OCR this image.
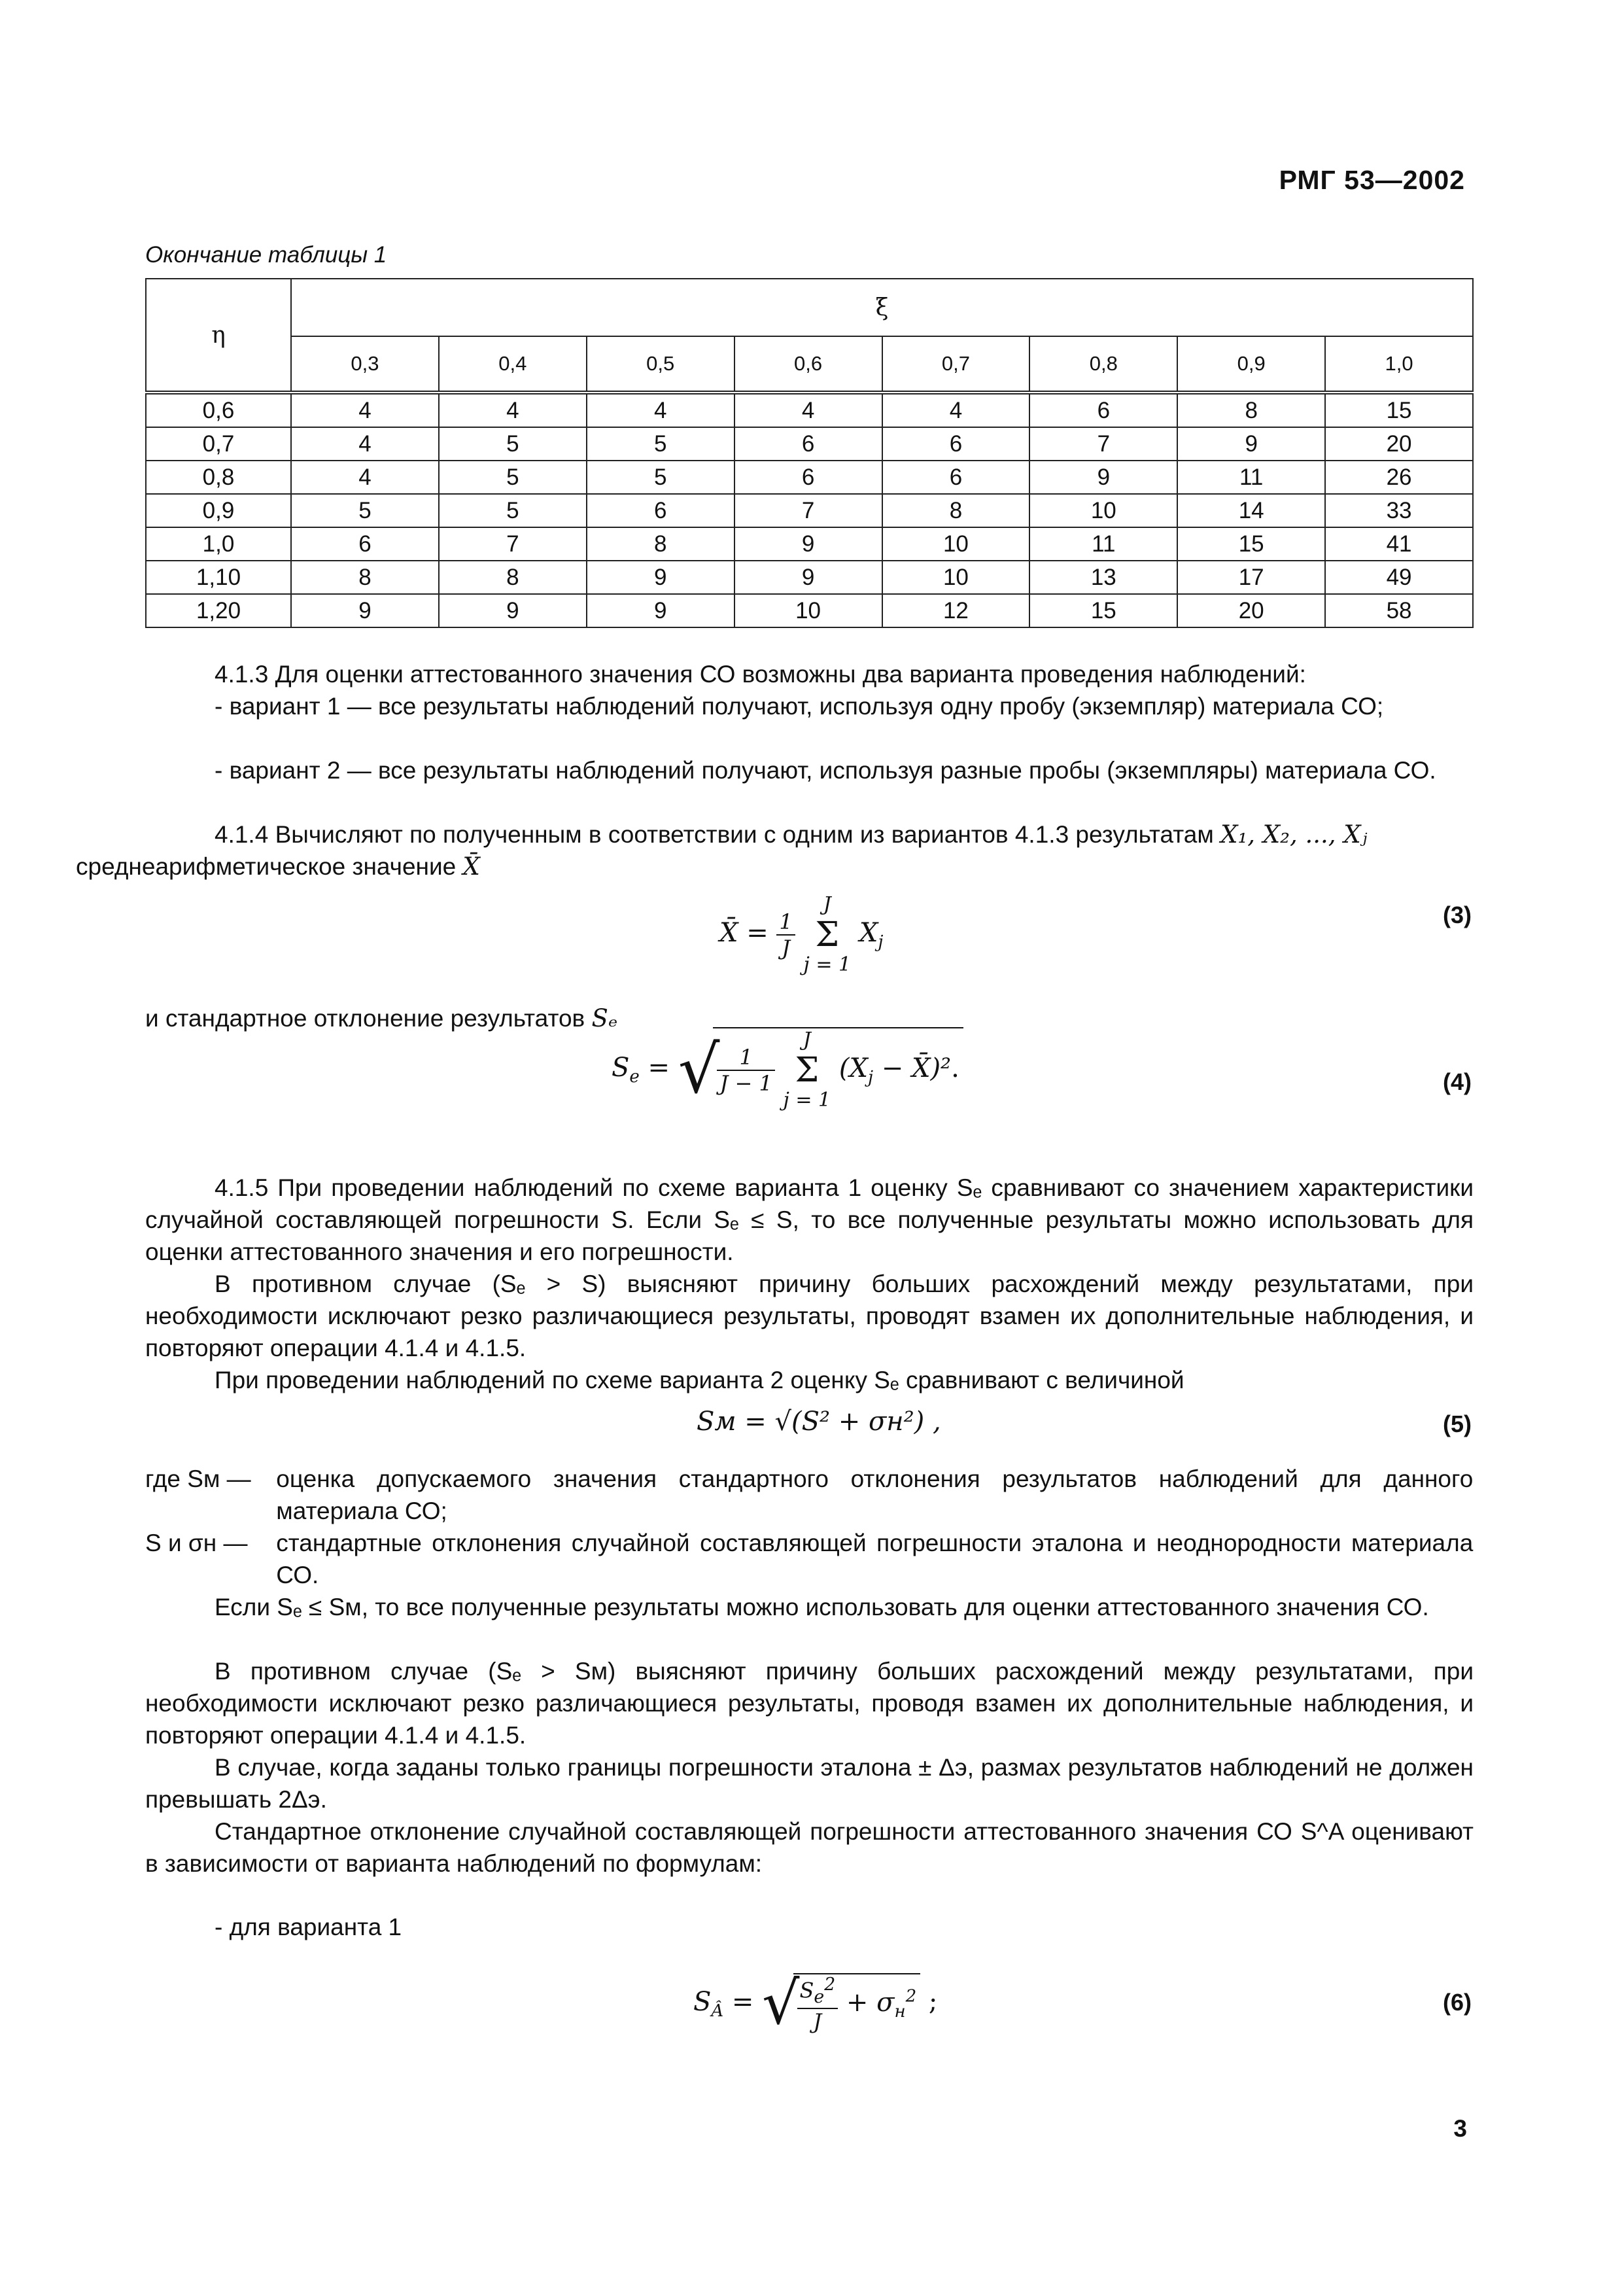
РМГ 53—2002
Окончание таблицы 1
η	ξ							
	0,3	0,4	0,5	0,6	0,7	0,8	0,9	1,0
0,6	4	4	4	4	4	6	8	15
0,7	4	5	5	6	6	7	9	20
0,8	4	5	5	6	6	9	11	26
0,9	5	5	6	7	8	10	14	33
1,0	6	7	8	9	10	11	15	41
1,10	8	8	9	9	10	13	17	49
1,20	9	9	9	10	12	15	20	58
4.1.3 Для оценки аттестованного значения СО возможны два варианта проведения наблюдений:
- вариант 1 — все результаты наблюдений получают, используя одну пробу (экземпляр) материала СО;
- вариант 2 — все результаты наблюдений получают, используя разные пробы (экземпляры) материала СО.
4.1.4 Вычисляют по полученным в соответствии с одним из вариантов 4.1.3 результатам X₁, X₂, ..., Xⱼ
среднеарифметическое значение X̄
X̄ = $\frac{1}{J}$

J
Σ
j = 1
$X_j$
(3)
и стандартное отклонение результатов Sₑ
$S_e$ = √
$\frac{1}{J - 1}$

J
Σ
j = 1
($X_j$ − X̄)².	(4)
4.1.5 При проведении наблюдений по схеме варианта 1 оценку Sₑ сравнивают со значением характеристики случайной составляющей погрешности S. Если Sₑ ≤ S, то все полученные результаты можно использовать для оценки аттестованного значения и его погрешности.
В противном случае (Sₑ > S) выясняют причину больших расхождений между результатами, при необходимости исключают резко различающиеся результаты, проводят взамен их дополнительные наблюдения, и повторяют операции 4.1.4 и 4.1.5.
При проведении наблюдений по схеме варианта 2 оценку Sₑ сравнивают с величиной
Sм = √(S² + σн²) ,	(5)
где Sм — оценка допускаемого значения стандартного отклонения результатов наблюдений для данного материала СО;
S и σн — стандартные отклонения случайной составляющей погрешности эталона и неоднородности материала СО.
Если Sₑ ≤ Sм, то все полученные результаты можно использовать для оценки аттестованного значения СО.
В противном случае (Sₑ > Sм) выясняют причину больших расхождений между результатами, при необходимости исключают резко различающиеся результаты, проводя взамен их дополнительные наблюдения, и повторяют операции 4.1.4 и 4.1.5.
В случае, когда заданы только границы погрешности эталона ± Δэ, размах результатов наблюдений не должен превышать 2Δэ.
Стандартное отклонение случайной составляющей погрешности аттестованного значения СО S^A оценивают в зависимости от варианта наблюдений по формулам:
- для варианта 1
$S_Â$ = √
$\frac{S_e^2}{J} + \sigma_н^2$ ;	(6)
3
